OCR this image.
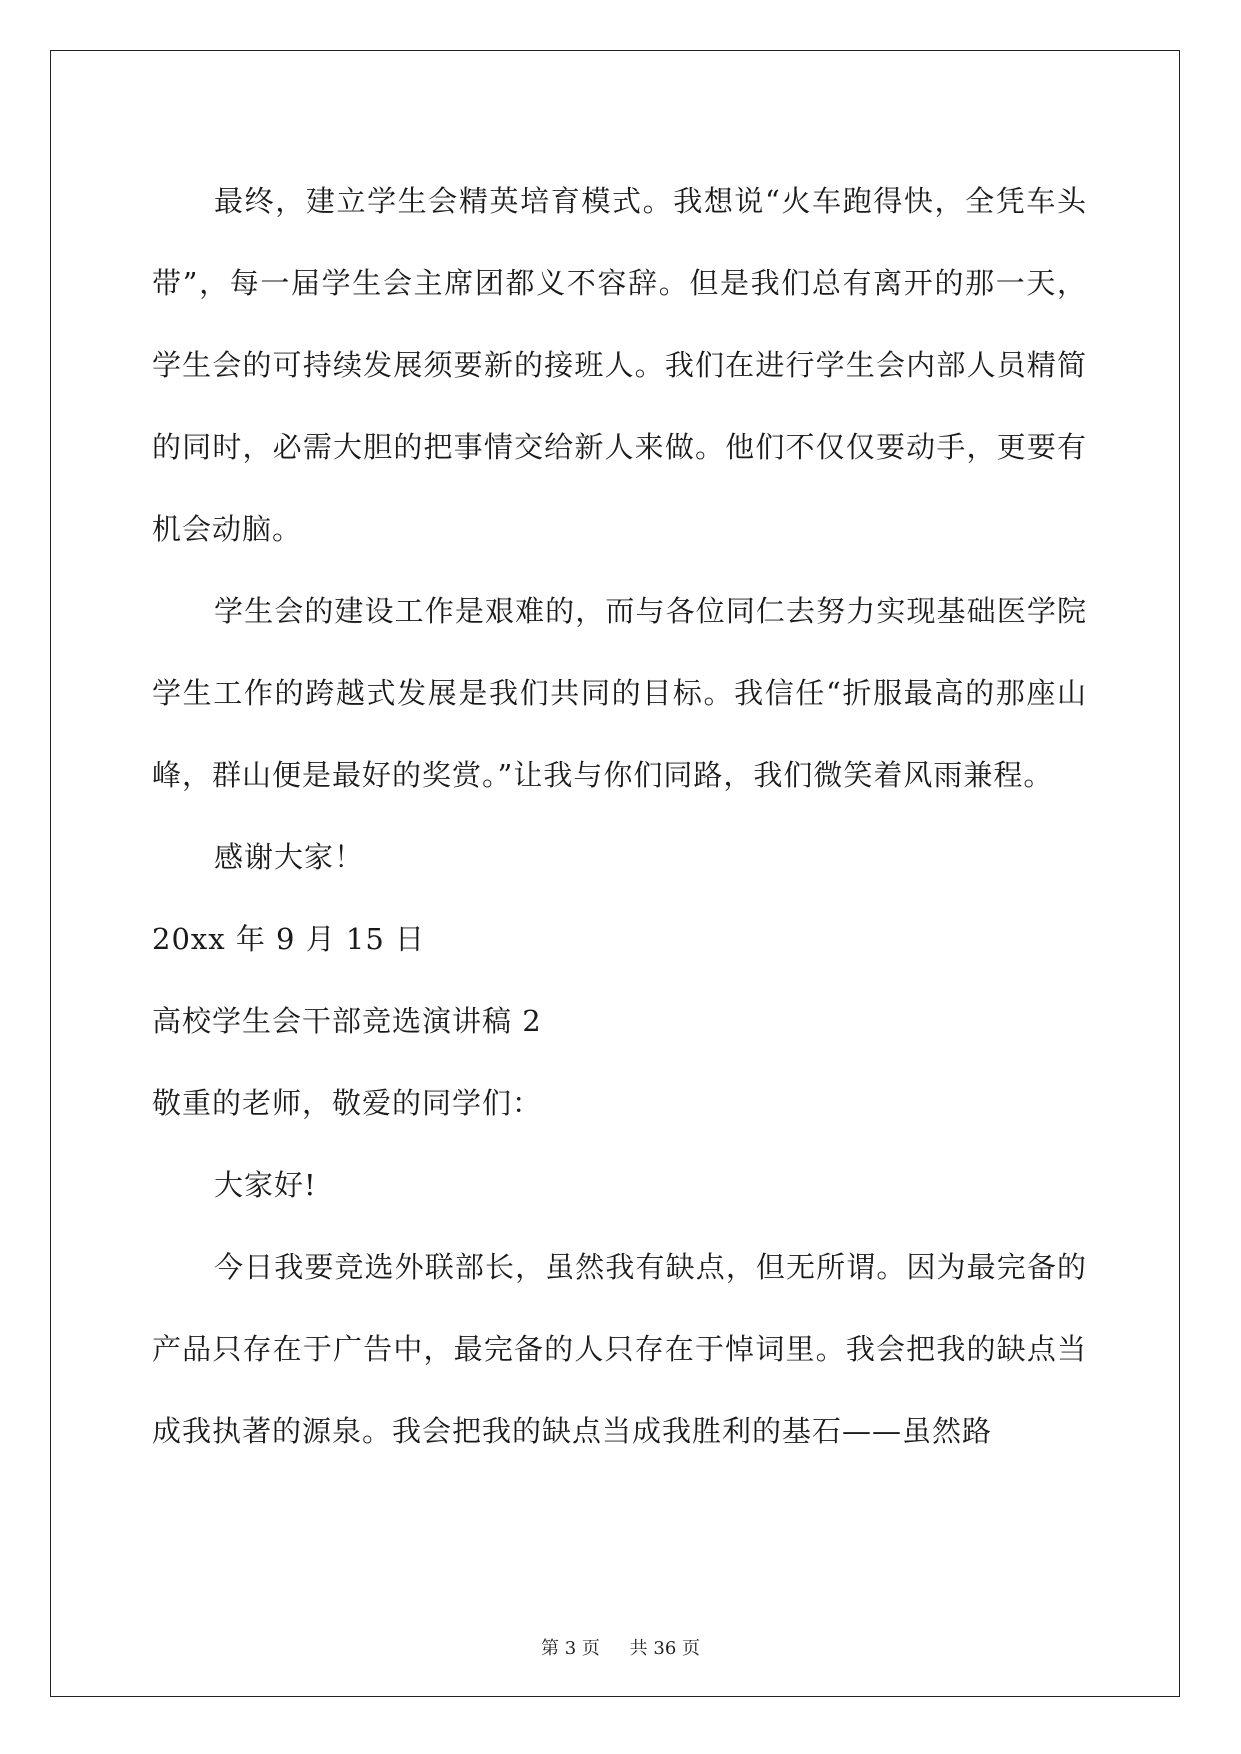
最终，建立学生会精英培育模式。我想说“火车跑得快，全凭车头带”，每一届学生会主席团都义不容辞。但是我们总有离开的那一天，学生会的可持续发展须要新的接班人。我们在进行学生会内部人员精简的同时，必需大胆的把事情交给新人来做。他们不仅仅要动手，更要有机会动脑。

学生会的建设工作是艰难的，而与各位同仁去努力实现基础医学院学生工作的跨越式发展是我们共同的目标。我信任“折服最高的那座山峰，群山便是最好的奖赏。”让我与你们同路，我们微笑着风雨兼程。

感谢大家！

20xx 年 9 月 15 日

高校学生会干部竞选演讲稿 2

敬重的老师，敬爱的同学们：

大家好!

今日我要竞选外联部长，虽然我有缺点，但无所谓。因为最完备的产品只存在于广告中，最完备的人只存在于悼词里。我会把我的缺点当成我执著的源泉。我会把我的缺点当成我胜利的基石——虽然路

第 3 页 共 36 页
